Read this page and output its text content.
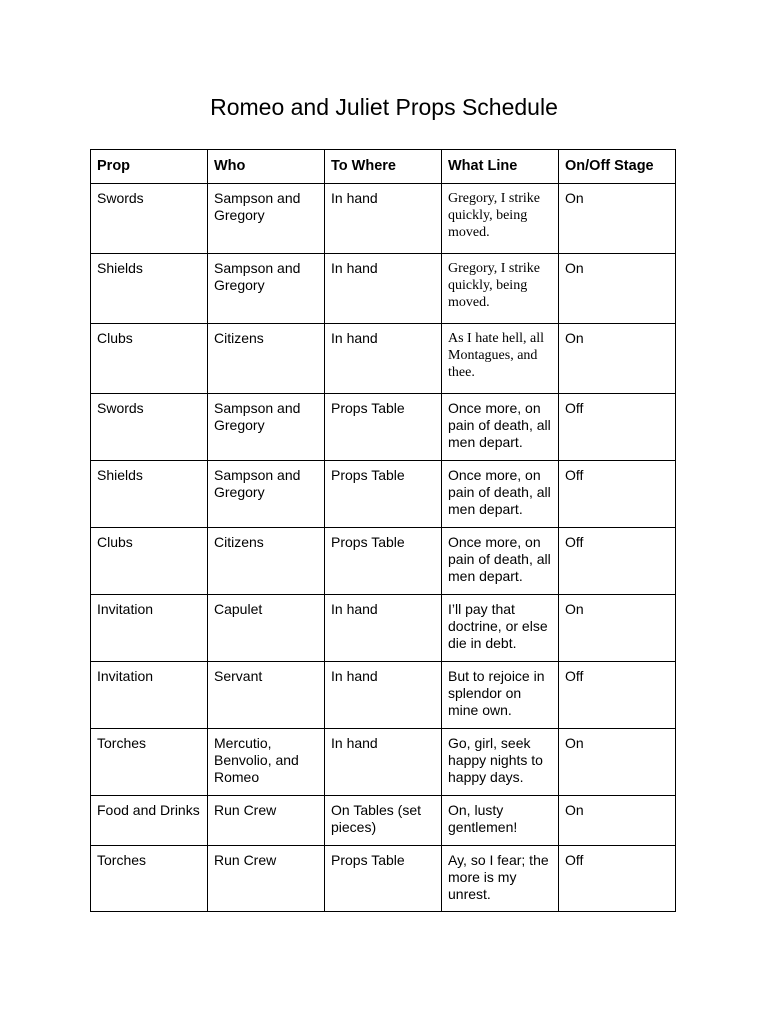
Romeo and Juliet Props Schedule
Prop	Who	To Where	What Line	On/Off Stage
Swords	Sampson and Gregory	In hand	Gregory, I strike quickly, being moved.	On
Shields	Sampson and Gregory	In hand	Gregory, I strike quickly, being moved.	On
Clubs	Citizens	In hand	As I hate hell, all Montagues, and thee.	On
Swords	Sampson and Gregory	Props Table	Once more, on pain of death, all men depart.	Off
Shields	Sampson and Gregory	Props Table	Once more, on pain of death, all men depart.	Off
Clubs	Citizens	Props Table	Once more, on pain of death, all men depart.	Off
Invitation	Capulet	In hand	I’ll pay that doctrine, or else die in debt.	On
Invitation	Servant	In hand	But to rejoice in splendor on mine own.	Off
Torches	Mercutio, Benvolio, and Romeo	In hand	Go, girl, seek happy nights to happy days.	On
Food and Drinks	Run Crew	On Tables (set pieces)	On, lusty gentlemen!	On
Torches	Run Crew	Props Table	Ay, so I fear; the more is my unrest.	Off
